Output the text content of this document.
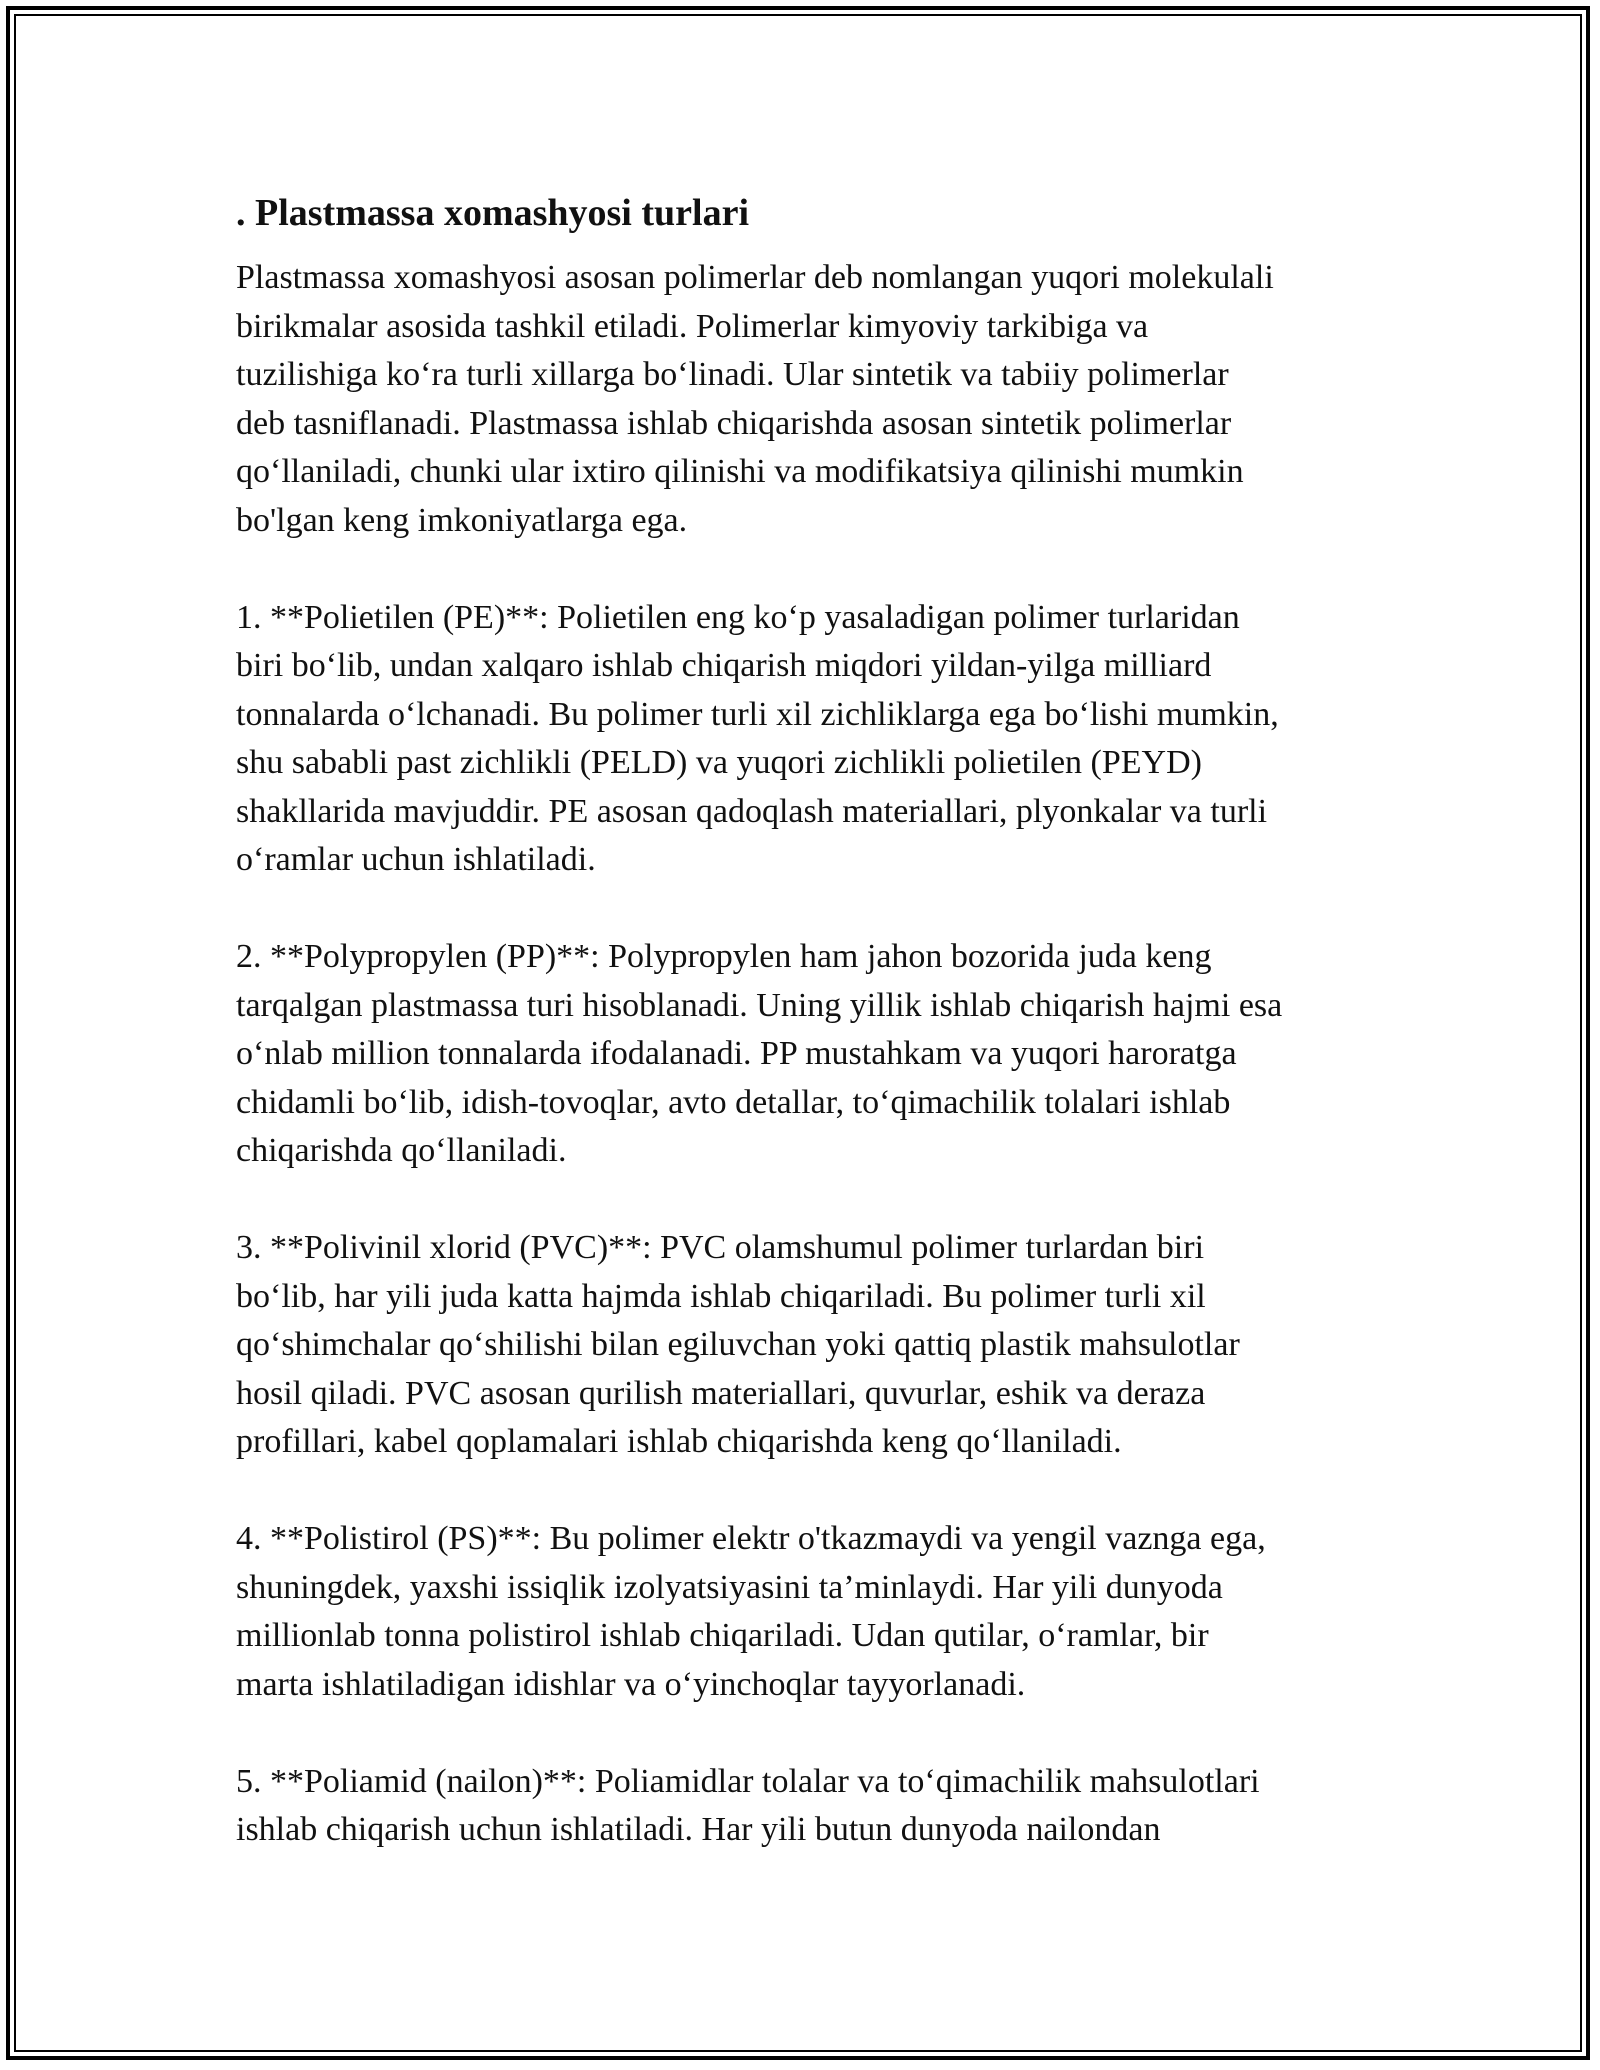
. Plastmassa xomashyosi turlari
Plastmassa xomashyosi asosan polimerlar deb nomlangan yuqori molekulali
birikmalar asosida tashkil etiladi. Polimerlar kimyoviy tarkibiga va
tuzilishiga koʻra turli xillarga boʻlinadi. Ular sintetik va tabiiy polimerlar
deb tasniflanadi. Plastmassa ishlab chiqarishda asosan sintetik polimerlar
qoʻllaniladi, chunki ular ixtiro qilinishi va modifikatsiya qilinishi mumkin
bo'lgan keng imkoniyatlarga ega.
1. **Polietilen (PE)**: Polietilen eng koʻp yasaladigan polimer turlaridan
biri boʻlib, undan xalqaro ishlab chiqarish miqdori yildan-yilga milliard
tonnalarda oʻlchanadi. Bu polimer turli xil zichliklarga ega boʻlishi mumkin,
shu sababli past zichlikli (PELD) va yuqori zichlikli polietilen (PEYD)
shakllarida mavjuddir. PE asosan qadoqlash materiallari, plyonkalar va turli
oʻramlar uchun ishlatiladi.
2. **Polypropylen (PP)**: Polypropylen ham jahon bozorida juda keng
tarqalgan plastmassa turi hisoblanadi. Uning yillik ishlab chiqarish hajmi esa
oʻnlab million tonnalarda ifodalanadi. PP mustahkam va yuqori haroratga
chidamli boʻlib, idish-tovoqlar, avto detallar, toʻqimachilik tolalari ishlab
chiqarishda qoʻllaniladi.
3. **Polivinil xlorid (PVC)**: PVC olamshumul polimer turlardan biri
boʻlib, har yili juda katta hajmda ishlab chiqariladi. Bu polimer turli xil
qoʻshimchalar qoʻshilishi bilan egiluvchan yoki qattiq plastik mahsulotlar
hosil qiladi. PVC asosan qurilish materiallari, quvurlar, eshik va deraza
profillari, kabel qoplamalari ishlab chiqarishda keng qoʻllaniladi.
4. **Polistirol (PS)**: Bu polimer elektr o'tkazmaydi va yengil vaznga ega,
shuningdek, yaxshi issiqlik izolyatsiyasini ta’minlaydi. Har yili dunyoda
millionlab tonna polistirol ishlab chiqariladi. Udan qutilar, oʻramlar, bir
marta ishlatiladigan idishlar va oʻyinchoqlar tayyorlanadi.
5. **Poliamid (nailon)**: Poliamidlar tolalar va toʻqimachilik mahsulotlari
ishlab chiqarish uchun ishlatiladi. Har yili butun dunyoda nailondan
